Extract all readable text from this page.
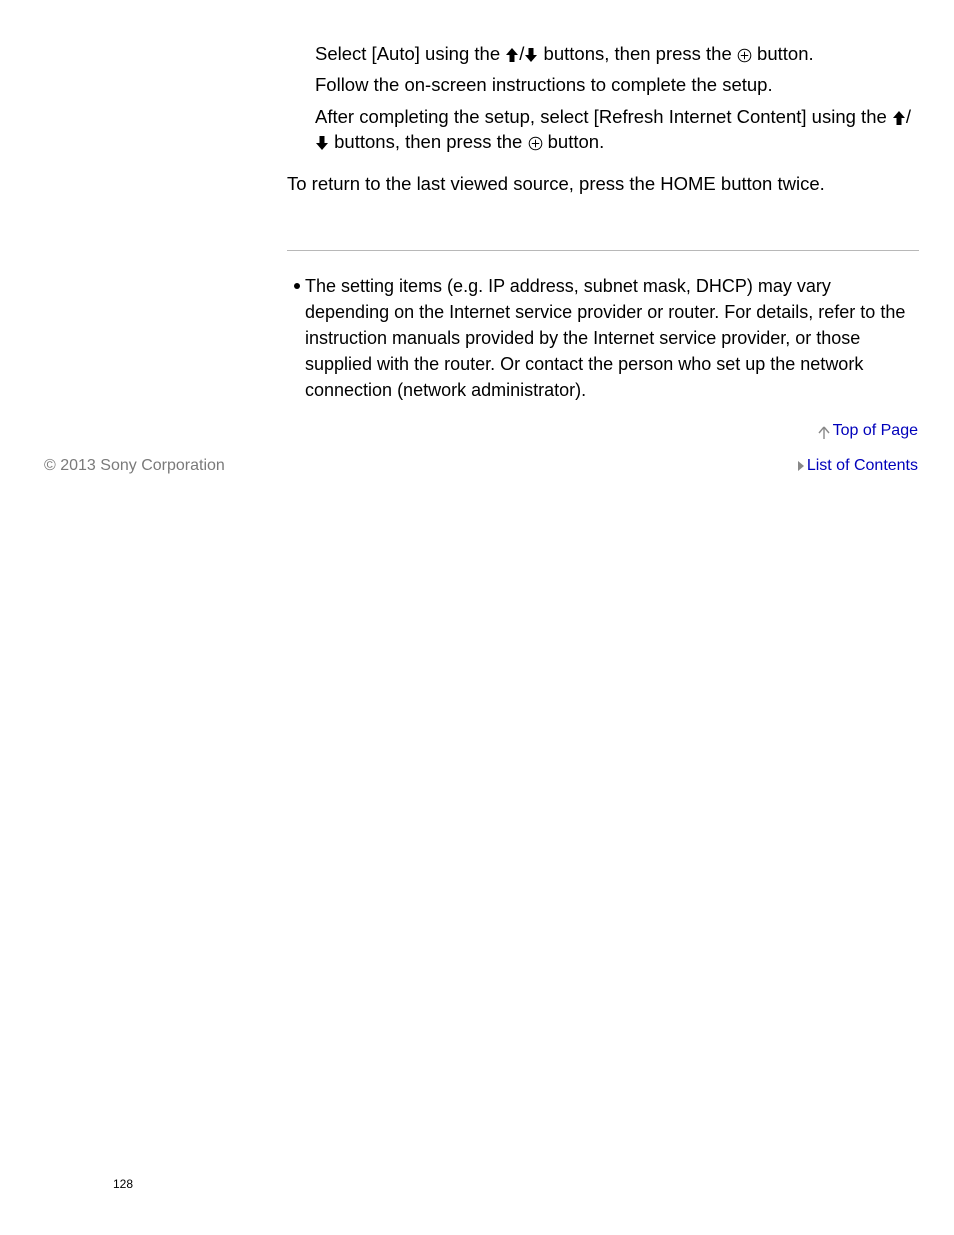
Select [Auto] using the / buttons, then press the  button.
Follow the on-screen instructions to complete the setup.
After completing the setup, select [Refresh Internet Content] using the / buttons, then press the  button.
To return to the last viewed source, press the HOME button twice.
The setting items (e.g. IP address, subnet mask, DHCP) may vary depending on the Internet service provider or router. For details, refer to the instruction manuals provided by the Internet service provider, or those supplied with the router. Or contact the person who set up the network connection (network administrator).
Top of Page
© 2013 Sony Corporation	List of Contents
128
